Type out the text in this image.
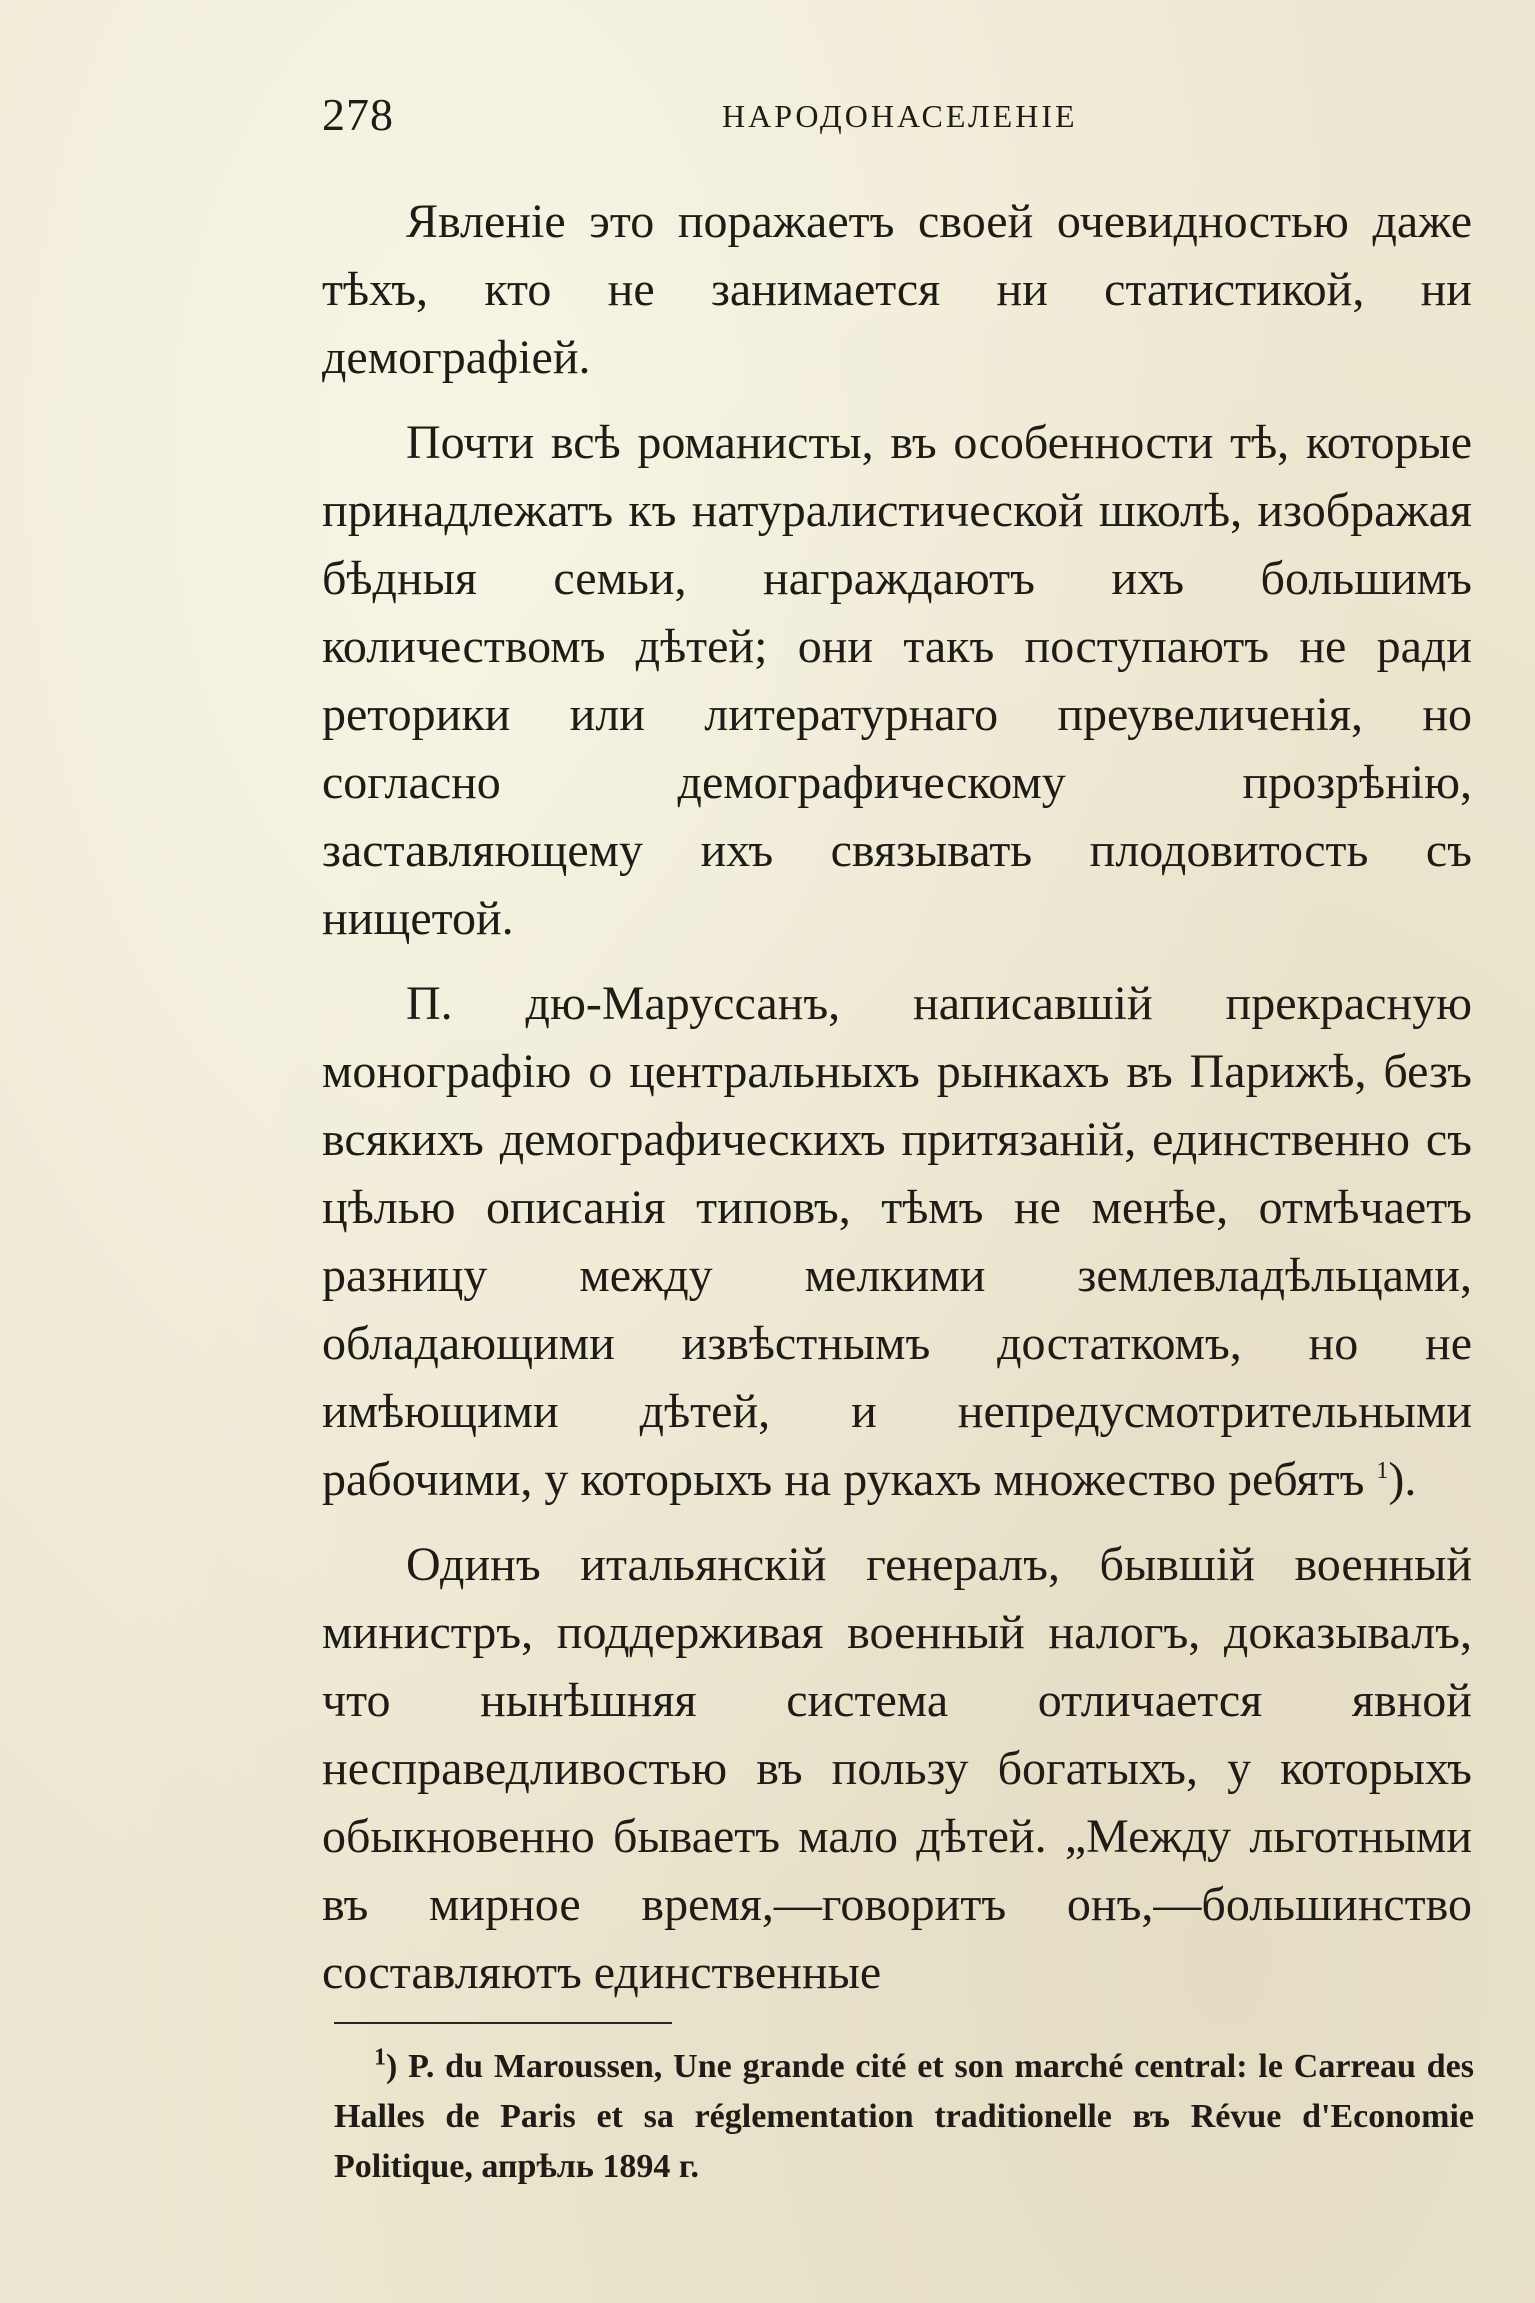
278	НАРОДОНАСЕЛЕНІЕ

Явленіе это поражаетъ своей очевидностью даже тѣхъ, кто не занимается ни статистикой, ни демографіей.

Почти всѣ романисты, въ особенности тѣ, которые принадлежатъ къ натуралистической школѣ, изображая бѣдныя семьи, награждаютъ ихъ большимъ количествомъ дѣтей; они такъ поступаютъ не ради реторики или литературнаго преувеличенія, но согласно демографическому прозрѣнію, заставляющему ихъ связывать плодовитость съ нищетой.

П. дю-Маруссанъ, написавшій прекрасную монографію о центральныхъ рынкахъ въ Парижѣ, безъ всякихъ демографическихъ притязаній, единственно съ цѣлью описанія типовъ, тѣмъ не менѣе, отмѣчаетъ разницу между мелкими землевладѣльцами, обладающими извѣстнымъ достаткомъ, но не имѣющими дѣтей, и непредусмотрительными рабочими, у которыхъ на рукахъ множество ребятъ $^1$).

Одинъ итальянскій генералъ, бывшій военный министръ, поддерживая военный налогъ, доказывалъ, что нынѣшняя система отличается явной несправедливостью въ пользу богатыхъ, у которыхъ обыкновенно бываетъ мало дѣтей. „Между льготными въ мирное время,—говоритъ онъ,—большинство составляютъ единственные

$^1$) P. du Maroussen, Une grande cité et son marché central: le Carreau des Halles de Paris et sa réglementation traditionelle въ Révue d'Economie Politique, апрѣль 1894 г.
